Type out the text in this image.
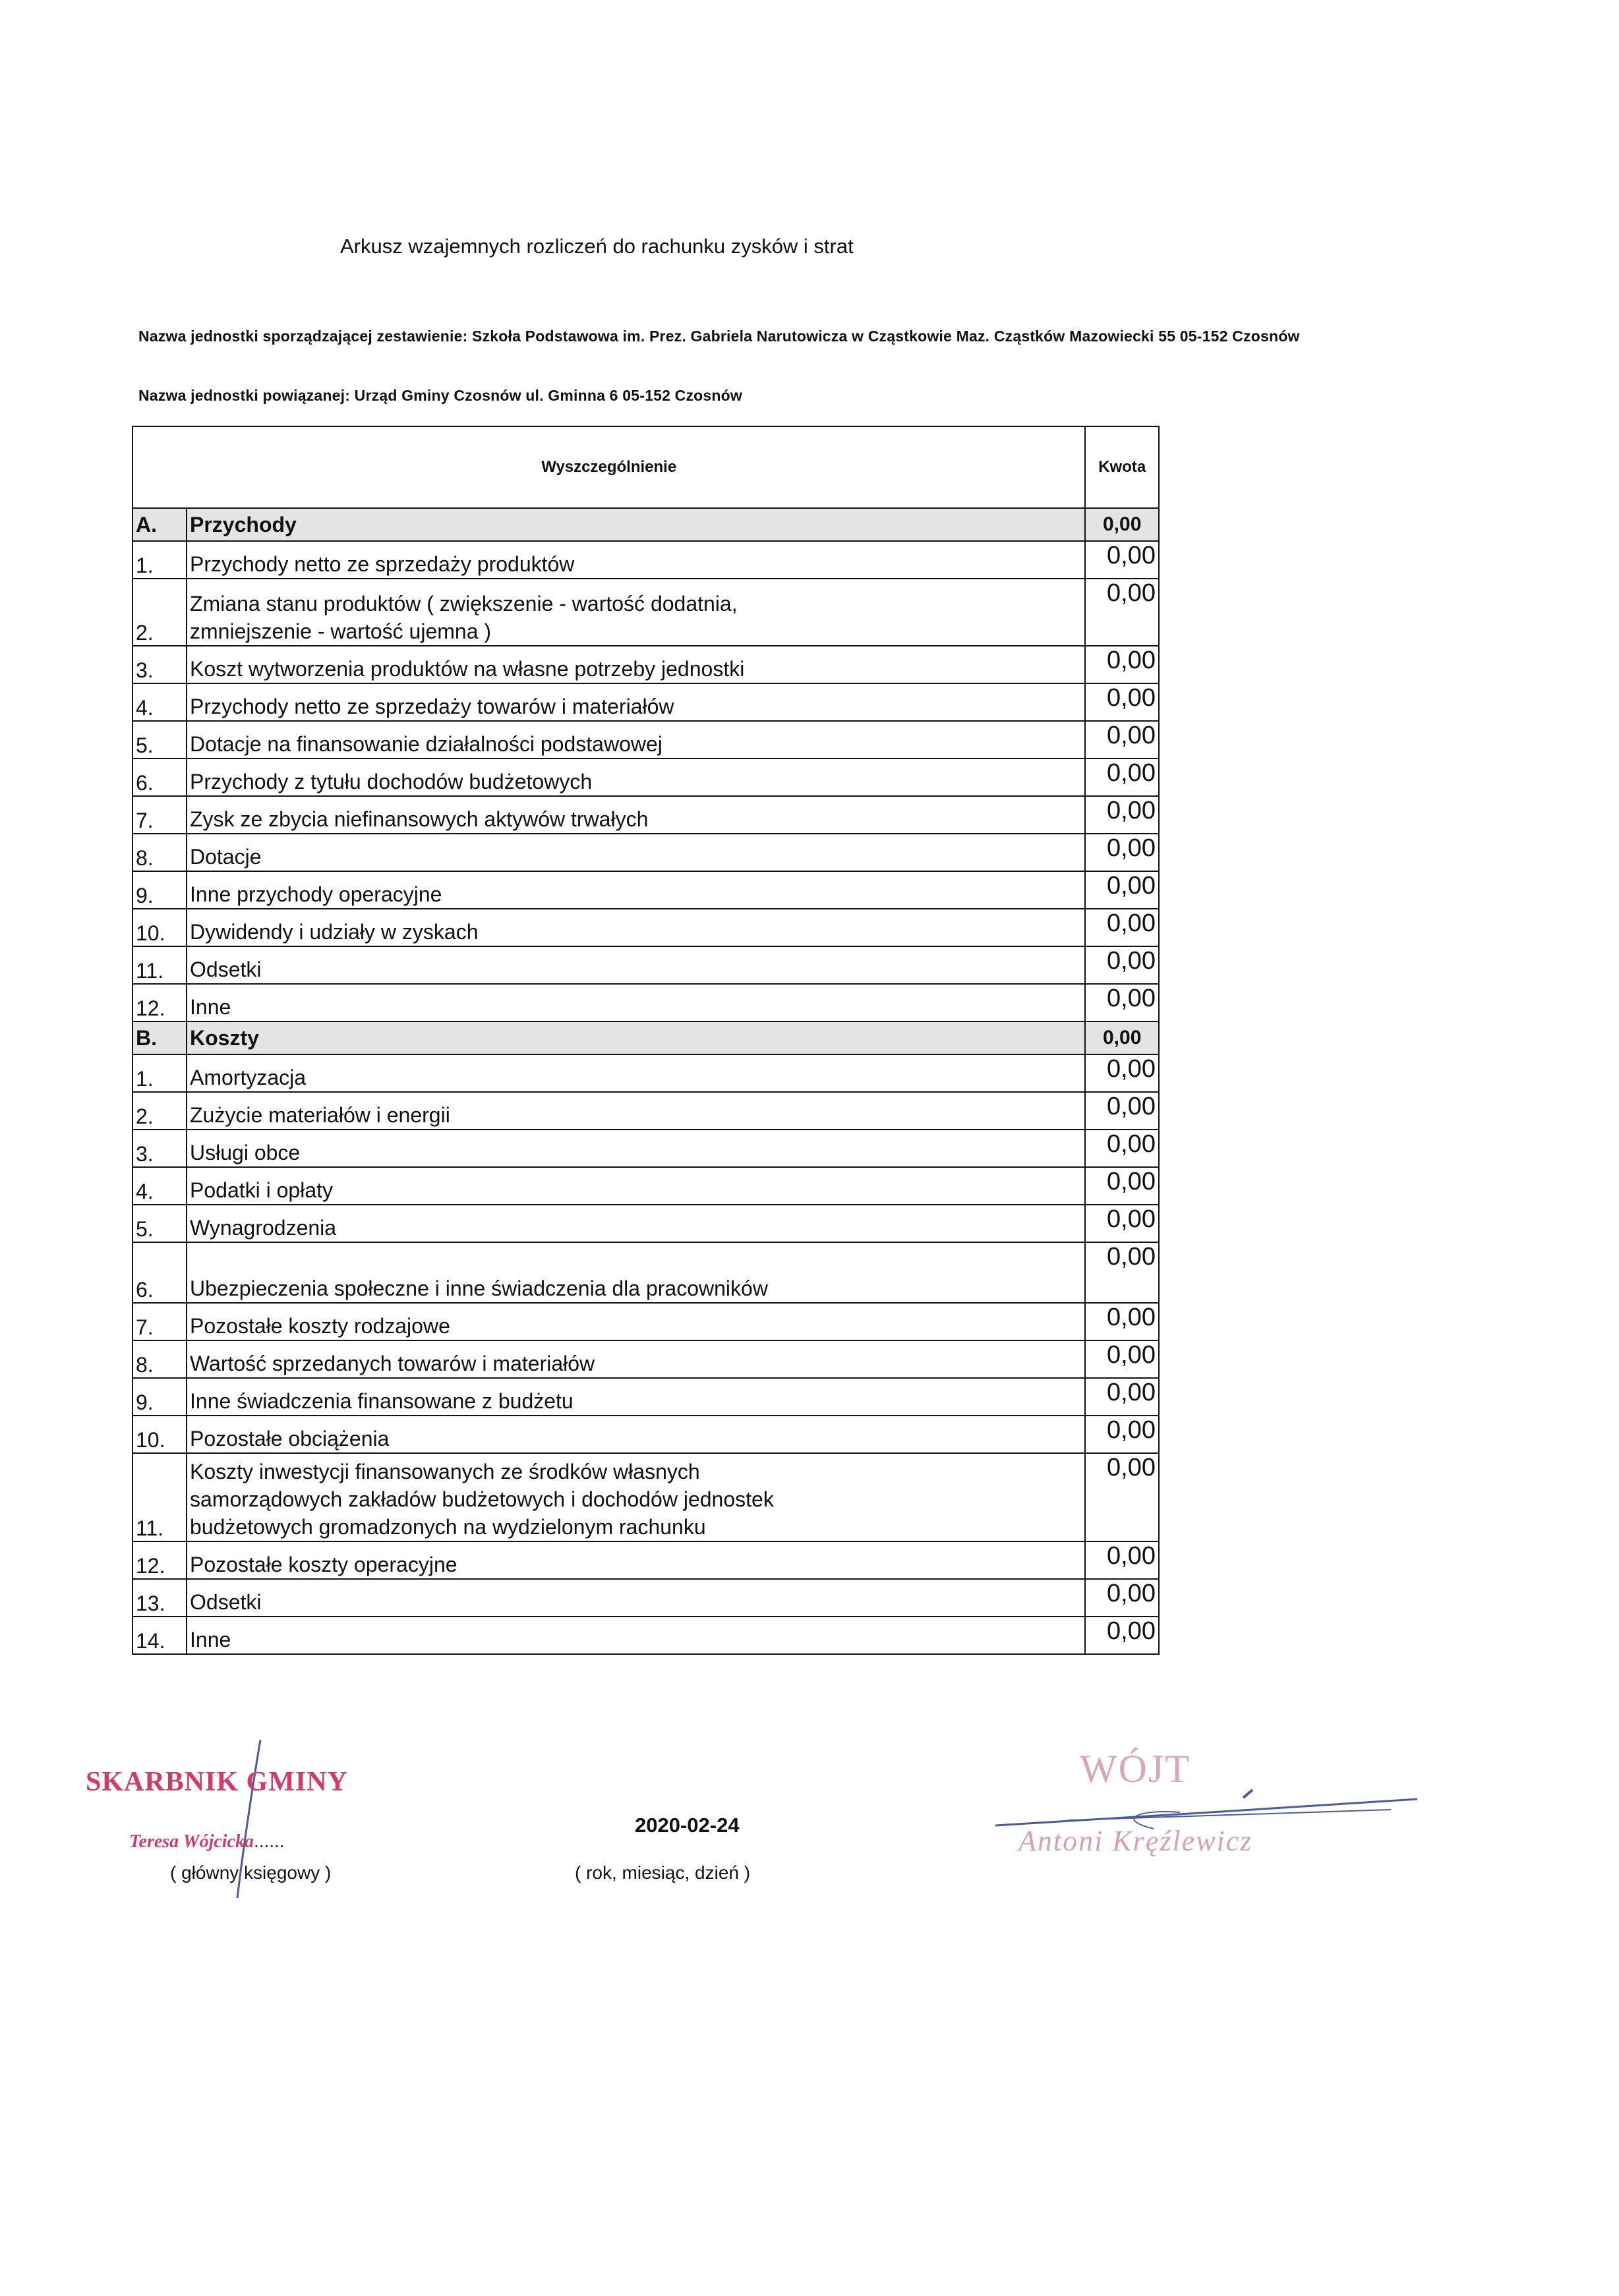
Arkusz wzajemnych rozliczeń do rachunku zysków i strat
Nazwa jednostki sporządzającej zestawienie: Szkoła Podstawowa im. Prez. Gabriela Narutowicza w Cząstkowie Maz. Cząstków Mazowiecki 55 05-152 Czosnów
Nazwa jednostki powiązanej: Urząd Gminy Czosnów ul. Gminna 6 05-152 Czosnów
Wyszczególnienie		Kwota
A.	Przychody	0,00
1.	Przychody netto ze sprzedaży produktów	0,00
2.	Zmiana stanu produktów ( zwiększenie - wartość dodatnia, zmniejszenie - wartość ujemna )	0,00
3.	Koszt wytworzenia produktów na własne potrzeby jednostki	0,00
4.	Przychody netto ze sprzedaży towarów i materiałów	0,00
5.	Dotacje na finansowanie działalności podstawowej	0,00
6.	Przychody z tytułu dochodów budżetowych	0,00
7.	Zysk ze zbycia niefinansowych aktywów trwałych	0,00
8.	Dotacje	0,00
9.	Inne przychody operacyjne	0,00
10.	Dywidendy i udziały w zyskach	0,00
11.	Odsetki	0,00
12.	Inne	0,00
B.	Koszty	0,00
1.	Amortyzacja	0,00
2.	Zużycie materiałów i energii	0,00
3.	Usługi obce	0,00
4.	Podatki i opłaty	0,00
5.	Wynagrodzenia	0,00
6.	Ubezpieczenia społeczne i inne świadczenia dla pracowników	0,00
7.	Pozostałe koszty rodzajowe	0,00
8.	Wartość sprzedanych towarów i materiałów	0,00
9.	Inne świadczenia finansowane z budżetu	0,00
10.	Pozostałe obciążenia	0,00
11.	Koszty inwestycji finansowanych ze środków własnych samorządowych zakładów budżetowych i dochodów jednostek budżetowych gromadzonych na wydzielonym rachunku	0,00
12.	Pozostałe koszty operacyjne	0,00
13.	Odsetki	0,00
14.	Inne	0,00
SKARBNIK GMINY
Teresa Wójcicka......
( główny księgowy )
2020-02-24
( rok, miesiąc, dzień )
WÓJT
Antoni Kręźlewicz
